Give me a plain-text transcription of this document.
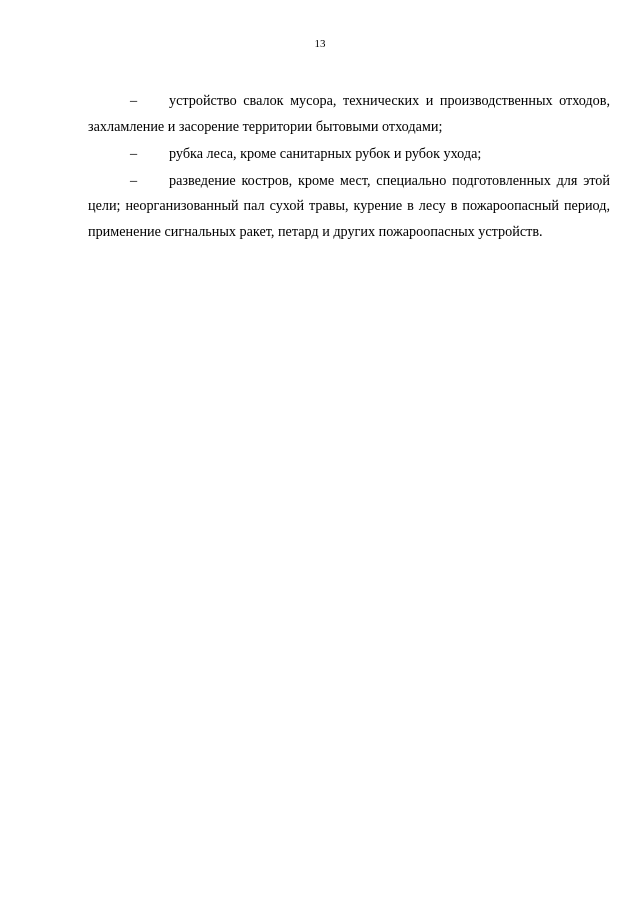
13

– устройство свалок мусора, технических и производственных отходов, захламление и засорение территории бытовыми отходами;

– рубка леса, кроме санитарных рубок и рубок ухода;

– разведение костров, кроме мест, специально подготовленных для этой цели; неорганизованный пал сухой травы, курение в лесу в пожароопасный период, применение сигнальных ракет, петард и других пожароопасных устройств.
